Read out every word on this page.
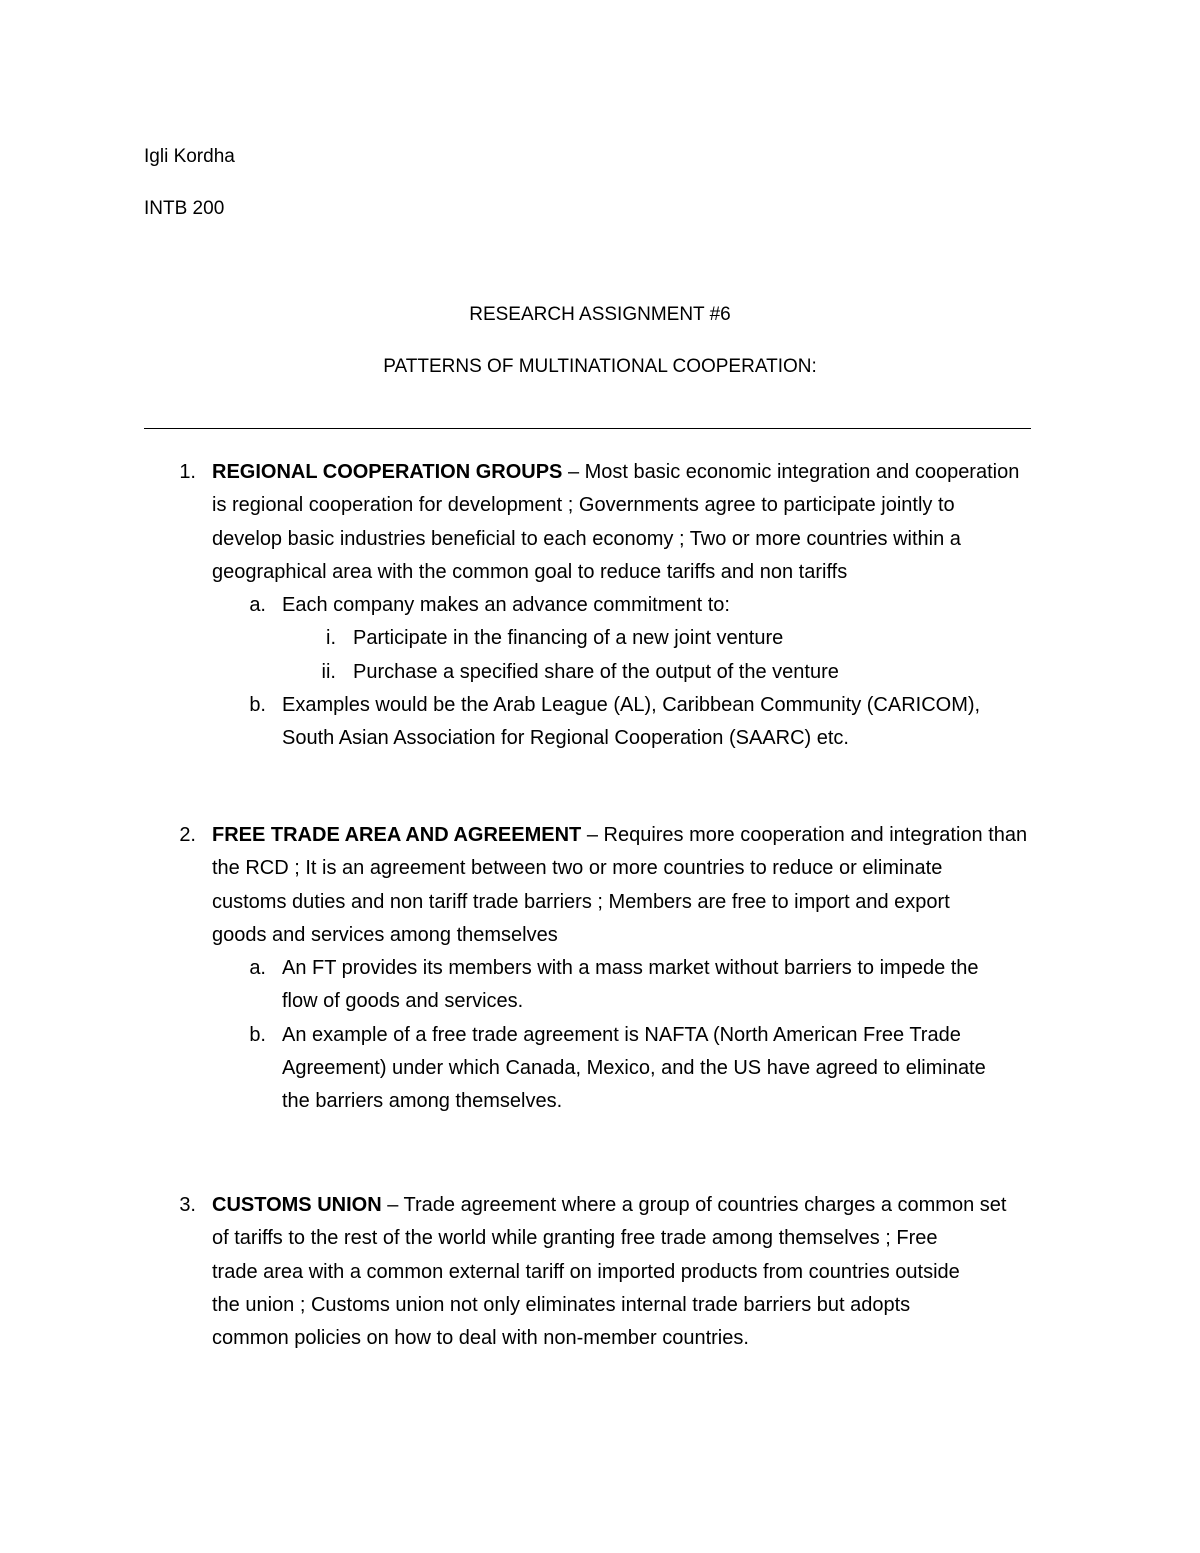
Igli Kordha
INTB 200
RESEARCH ASSIGNMENT #6
PATTERNS OF MULTINATIONAL COOPERATION:
1. REGIONAL COOPERATION GROUPS – Most basic economic integration and cooperation
is regional cooperation for development ; Governments agree to participate jointly to
develop basic industries beneficial to each economy ; Two or more countries within a
geographical area with the common goal to reduce tariffs and non tariffs
a. Each company makes an advance commitment to:
i. Participate in the financing of a new joint venture
ii. Purchase a specified share of the output of the venture
b. Examples would be the Arab League (AL), Caribbean Community (CARICOM),
South Asian Association for Regional Cooperation (SAARC) etc.
2. FREE TRADE AREA AND AGREEMENT – Requires more cooperation and integration than
the RCD ; It is an agreement between two or more countries to reduce or eliminate
customs duties and non tariff trade barriers ; Members are free to import and export
goods and services among themselves
a. An FT provides its members with a mass market without barriers to impede the
flow of goods and services.
b. An example of a free trade agreement is NAFTA (North American Free Trade
Agreement) under which Canada, Mexico, and the US have agreed to eliminate
the barriers among themselves.
3. CUSTOMS UNION – Trade agreement where a group of countries charges a common set
of tariffs to the rest of the world while granting free trade among themselves ; Free
trade area with a common external tariff on imported products from countries outside
the union ; Customs union not only eliminates internal trade barriers but adopts
common policies on how to deal with non-member countries.
